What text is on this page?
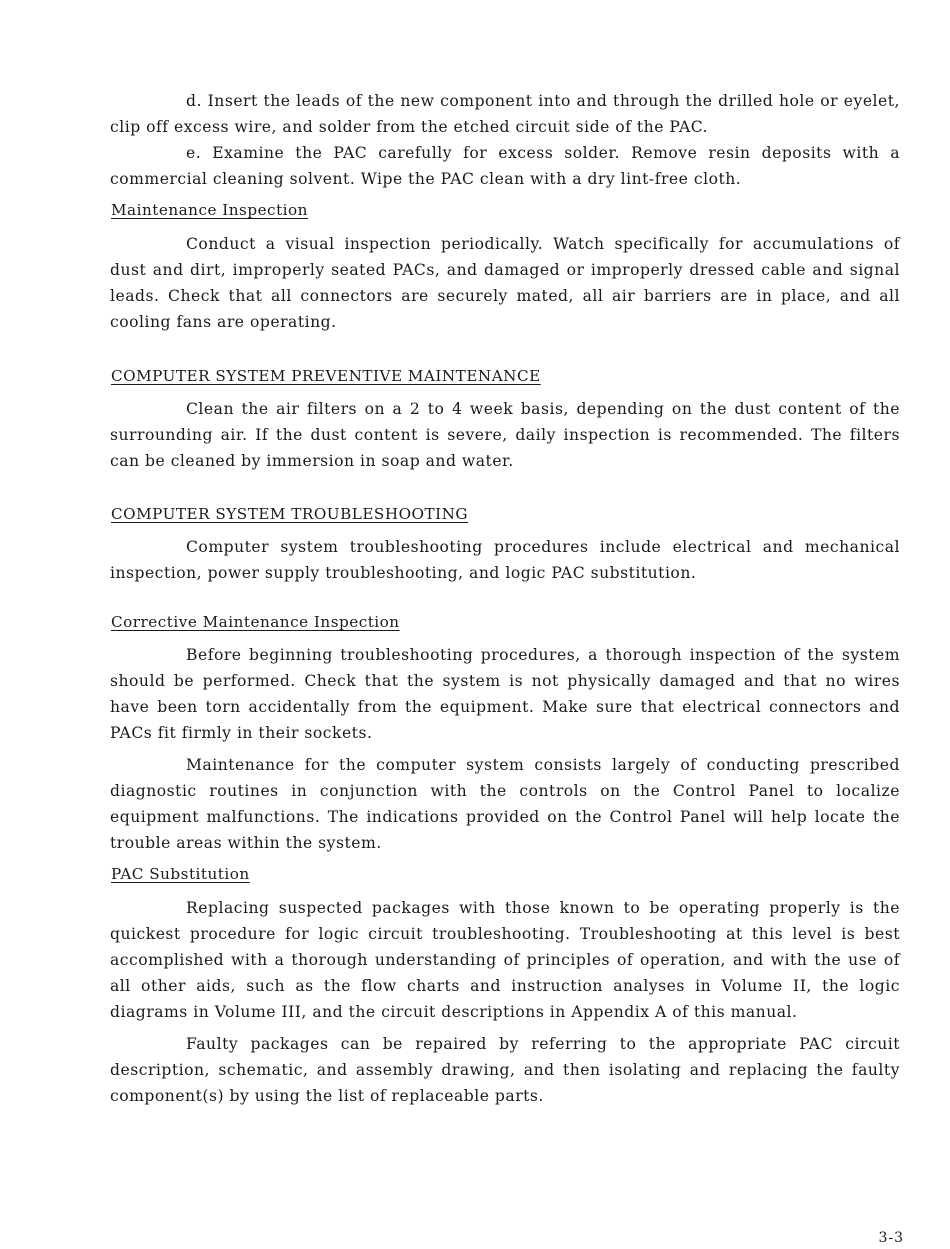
d. Insert the leads of the new component into and through the drilled hole or eyelet, clip off excess wire, and solder from the etched circuit side of the PAC.

e. Examine the PAC carefully for excess solder. Remove resin deposits with a commercial cleaning solvent. Wipe the PAC clean with a dry lint-free cloth.

Maintenance Inspection

Conduct a visual inspection periodically. Watch specifically for accumulations of dust and dirt, improperly seated PACs, and damaged or improperly dressed cable and signal leads. Check that all connectors are securely mated, all air barriers are in place, and all cooling fans are operating.

COMPUTER SYSTEM PREVENTIVE MAINTENANCE

Clean the air filters on a 2 to 4 week basis, depending on the dust content of the surrounding air. If the dust content is severe, daily inspection is recommended. The filters can be cleaned by immersion in soap and water.

COMPUTER SYSTEM TROUBLESHOOTING

Computer system troubleshooting procedures include electrical and mechanical inspection, power supply troubleshooting, and logic PAC substitution.

Corrective Maintenance Inspection

Before beginning troubleshooting procedures, a thorough inspection of the system should be performed. Check that the system is not physically damaged and that no wires have been torn accidentally from the equipment. Make sure that electrical connectors and PACs fit firmly in their sockets.

Maintenance for the computer system consists largely of conducting prescribed diagnostic routines in conjunction with the controls on the Control Panel to localize equipment malfunctions. The indications provided on the Control Panel will help locate the trouble areas within the system.

PAC Substitution

Replacing suspected packages with those known to be operating properly is the quickest procedure for logic circuit troubleshooting. Troubleshooting at this level is best accomplished with a thorough understanding of principles of operation, and with the use of all other aids, such as the flow charts and instruction analyses in Volume II, the logic diagrams in Volume III, and the circuit descriptions in Appendix A of this manual.

Faulty packages can be repaired by referring to the appropriate PAC circuit description, schematic, and assembly drawing, and then isolating and replacing the faulty component(s) by using the list of replaceable parts.

3-3
